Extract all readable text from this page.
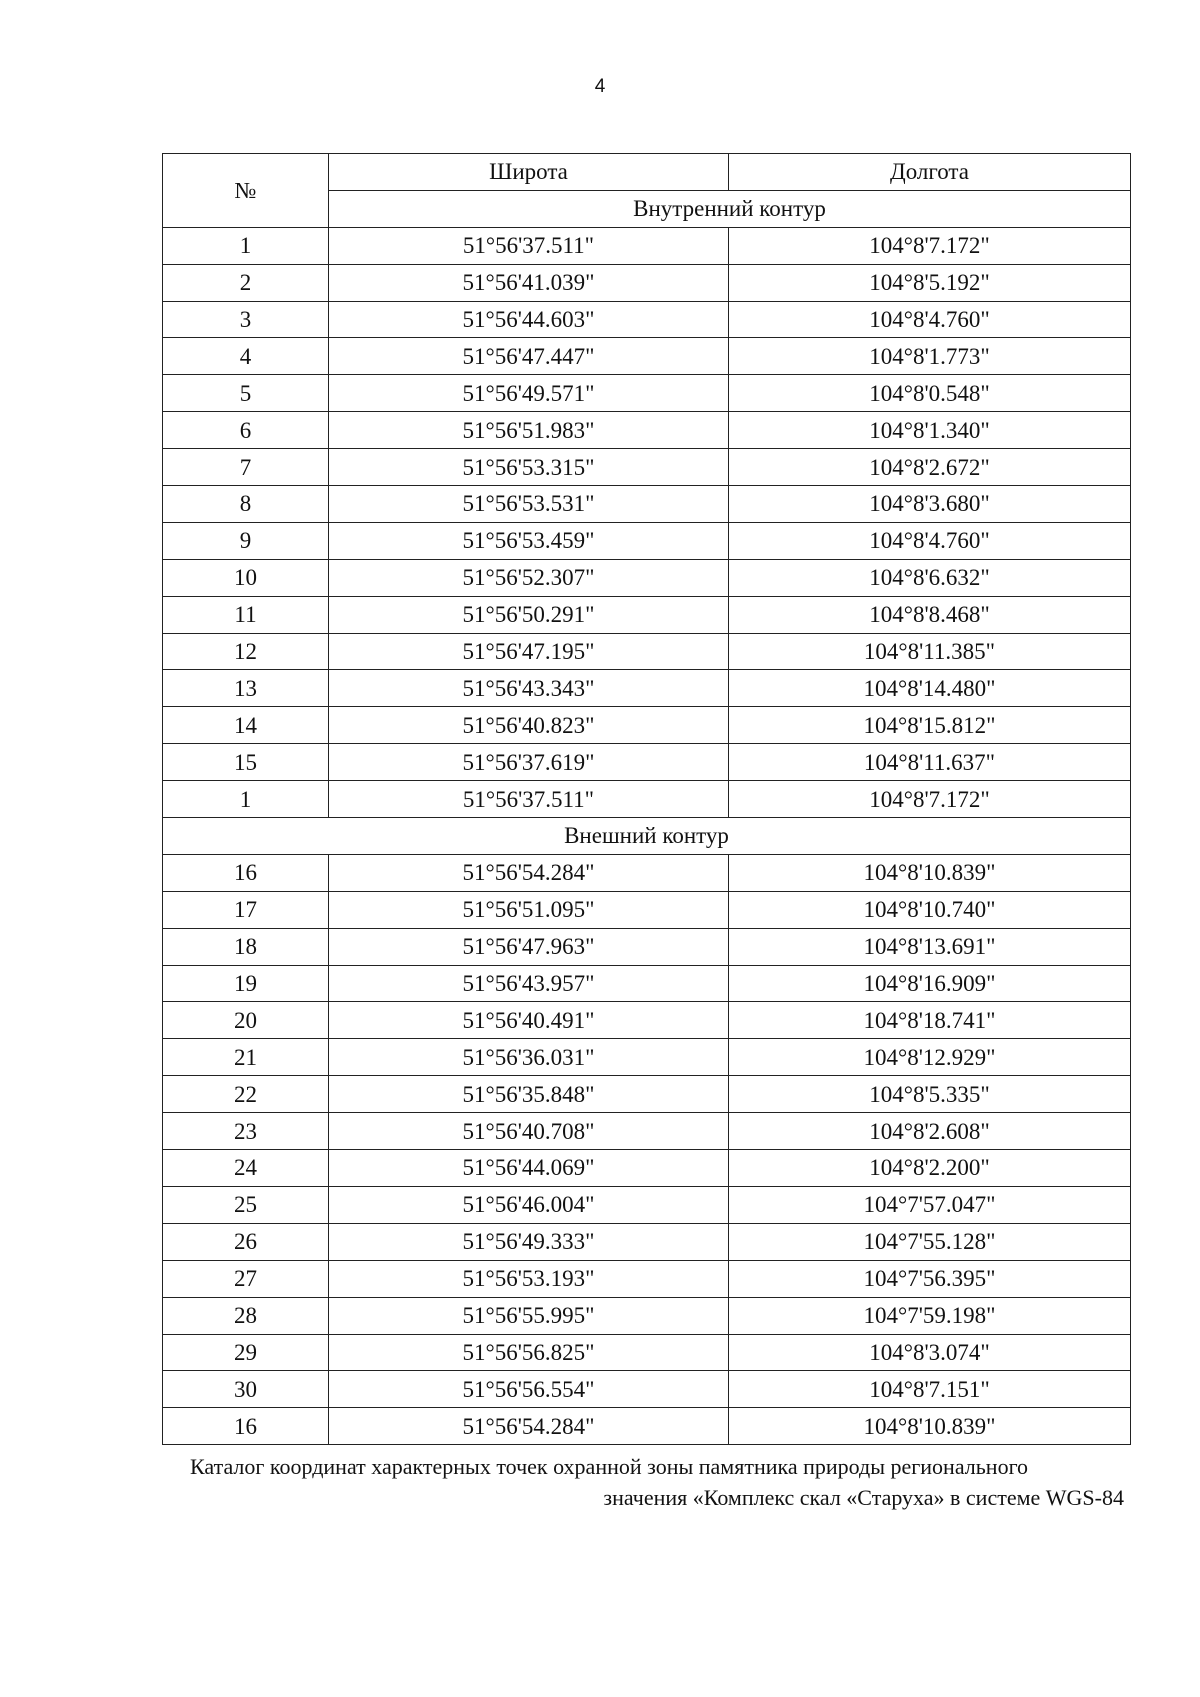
4
№	Широта	Долгота
	Внутренний контур	
1	51°56'37.511"	104°8'7.172"
2	51°56'41.039"	104°8'5.192"
3	51°56'44.603"	104°8'4.760"
4	51°56'47.447"	104°8'1.773"
5	51°56'49.571"	104°8'0.548"
6	51°56'51.983"	104°8'1.340"
7	51°56'53.315"	104°8'2.672"
8	51°56'53.531"	104°8'3.680"
9	51°56'53.459"	104°8'4.760"
10	51°56'52.307"	104°8'6.632"
11	51°56'50.291"	104°8'8.468"
12	51°56'47.195"	104°8'11.385"
13	51°56'43.343"	104°8'14.480"
14	51°56'40.823"	104°8'15.812"
15	51°56'37.619"	104°8'11.637"
1	51°56'37.511"	104°8'7.172"
Внешний контур		
16	51°56'54.284"	104°8'10.839"
17	51°56'51.095"	104°8'10.740"
18	51°56'47.963"	104°8'13.691"
19	51°56'43.957"	104°8'16.909"
20	51°56'40.491"	104°8'18.741"
21	51°56'36.031"	104°8'12.929"
22	51°56'35.848"	104°8'5.335"
23	51°56'40.708"	104°8'2.608"
24	51°56'44.069"	104°8'2.200"
25	51°56'46.004"	104°7'57.047"
26	51°56'49.333"	104°7'55.128"
27	51°56'53.193"	104°7'56.395"
28	51°56'55.995"	104°7'59.198"
29	51°56'56.825"	104°8'3.074"
30	51°56'56.554"	104°8'7.151"
16	51°56'54.284"	104°8'10.839"
Каталог координат характерных точек охранной зоны памятника природы регионального
значения «Комплекс скал «Старуха» в системе WGS-84
